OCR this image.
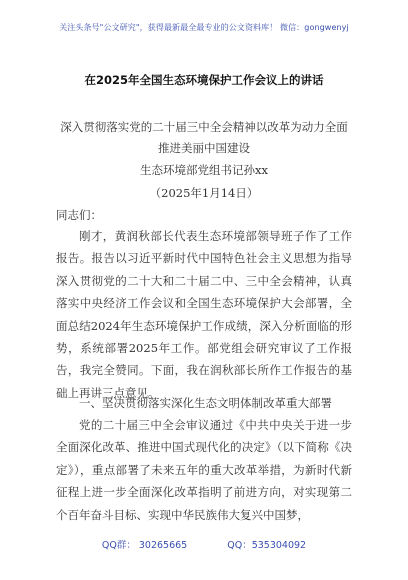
关注头条号"公文研究"，获得最新最全最专业的公文资料库！ 微信：gongwenyj
在2025年全国生态环境保护工作会议上的讲话
深入贯彻落实党的二十届三中全会精神以改革为动力全面
推进美丽中国建设
生态环境部党组书记孙xx
（2025年1月14日）
同志们：
刚才，黄润秋部长代表生态环境部领导班子作了工作报告。报告以习近平新时代中国特色社会主义思想为指导深入贯彻党的二十大和二十届二中、三中全会精神，认真落实中央经济工作会议和全国生态环境保护大会部署，全面总结2024年生态环境保护工作成绩，深入分析面临的形势，系统部署2025年工作。部党组会研究审议了工作报告，我完全赞同。下面，我在润秋部长所作工作报告的基础上再讲三点意见。
一、坚决贯彻落实深化生态文明体制改革重大部署
党的二十届三中全会审议通过《中共中央关于进一步全面深化改革、推进中国式现代化的决定》（以下简称《决定》），重点部署了未来五年的重大改革举措，为新时代新征程上进一步全面深化改革指明了前进方向，对实现第二个百年奋斗目标、实现中华民族伟大复兴中国梦，
QQ群： 30265665	QQ：535304092
